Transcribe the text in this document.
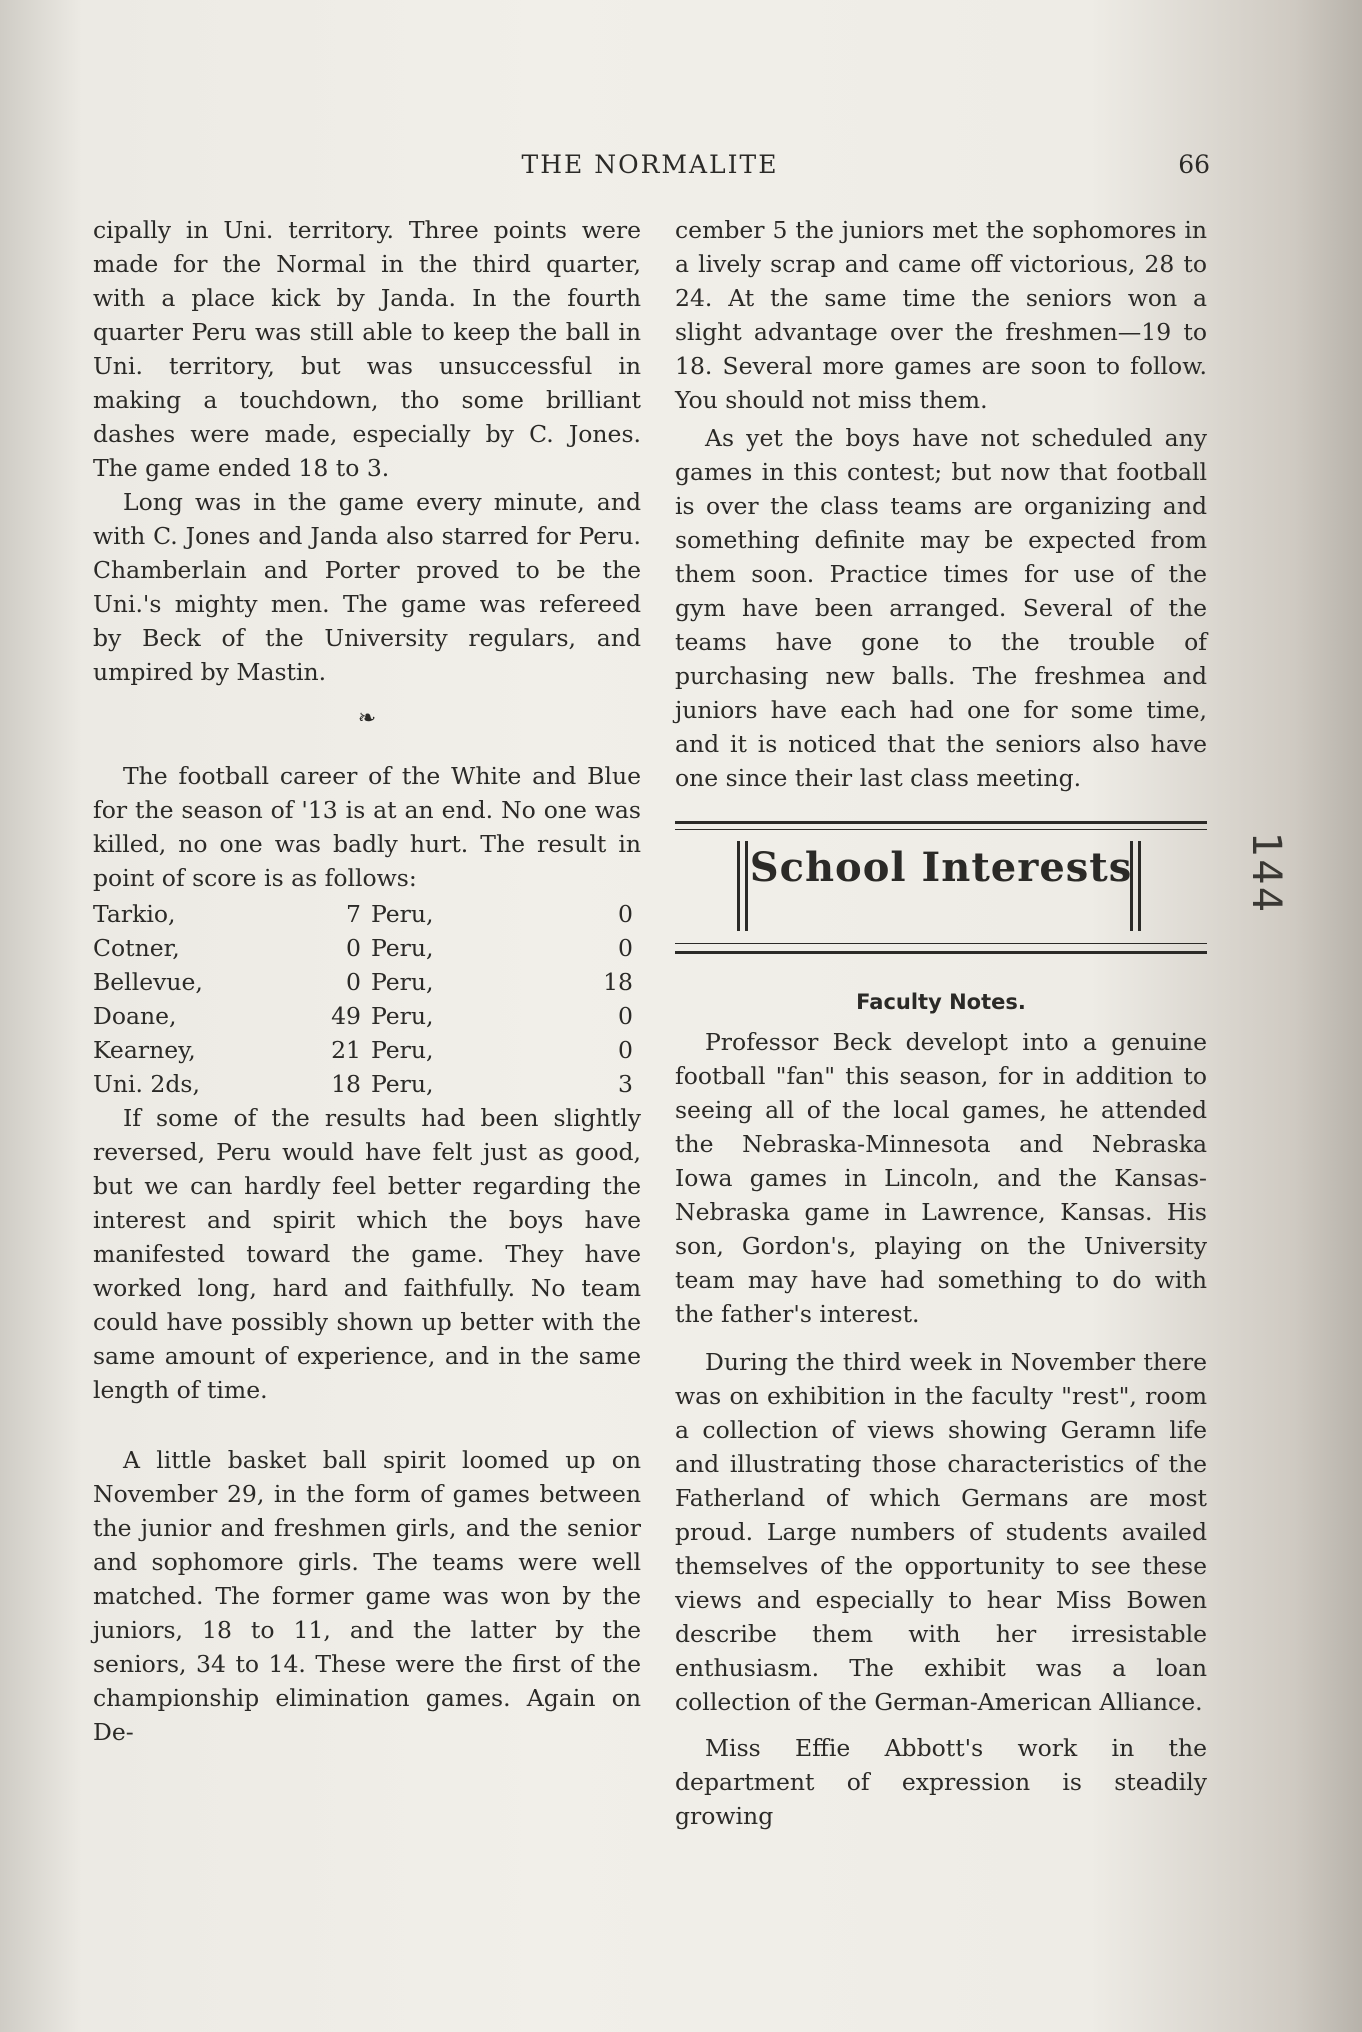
THE NORMALITE	66

cipally in Uni. territory. Three points were made for the Normal in the third quarter, with a place kick by Janda. In the fourth quarter Peru was still able to keep the ball in Uni. territory, but was unsuccessful in making a touchdown, tho some brilliant dashes were made, especially by C. Jones. The game ended 18 to 3.

Long was in the game every minute, and with C. Jones and Janda also starred for Peru. Chamberlain and Porter proved to be the Uni.'s mighty men. The game was refereed by Beck of the University regulars, and umpired by Mastin.

❧

The football career of the White and Blue for the season of '13 is at an end. No one was killed, no one was badly hurt. The result in point of score is as follows:

Tarkio,	7 Peru,	0
Cotner,	0 Peru,	0
Bellevue,	0 Peru,	18
Doane,	49 Peru,	0
Kearney,	21 Peru,	0
Uni. 2ds,	18 Peru,	3

If some of the results had been slightly reversed, Peru would have felt just as good, but we can hardly feel better regarding the interest and spirit which the boys have manifested toward the game. They have worked long, hard and faithfully. No team could have possibly shown up better with the same amount of experience, and in the same length of time.

A little basket ball spirit loomed up on November 29, in the form of games between the junior and freshmen girls, and the senior and sophomore girls. The teams were well matched. The former game was won by the juniors, 18 to 11, and the latter by the seniors, 34 to 14. These were the first of the championship elimination games. Again on De-

cember 5 the juniors met the sophomores in a lively scrap and came off victorious, 28 to 24. At the same time the seniors won a slight advantage over the freshmen—19 to 18. Several more games are soon to follow. You should not miss them.

As yet the boys have not scheduled any games in this contest; but now that football is over the class teams are organizing and something definite may be expected from them soon. Practice times for use of the gym have been arranged. Several of the teams have gone to the trouble of purchasing new balls. The freshmea and juniors have each had one for some time, and it is noticed that the seniors also have one since their last class meeting.

School Interests
Faculty Notes.

Professor Beck developt into a genuine football "fan" this season, for in addition to seeing all of the local games, he attended the Nebraska-Minnesota and Nebraska Iowa games in Lincoln, and the Kansas-Nebraska game in Lawrence, Kansas. His son, Gordon's, playing on the University team may have had something to do with the father's interest.

During the third week in November there was on exhibition in the faculty "rest", room a collection of views showing Geramn life and illustrating those characteristics of the Fatherland of which Germans are most proud. Large numbers of students availed themselves of the opportunity to see these views and especially to hear Miss Bowen describe them with her irresistable enthusiasm. The exhibit was a loan collection of the German-American Alliance.

Miss Effie Abbott's work in the department of expression is steadily growing

144
